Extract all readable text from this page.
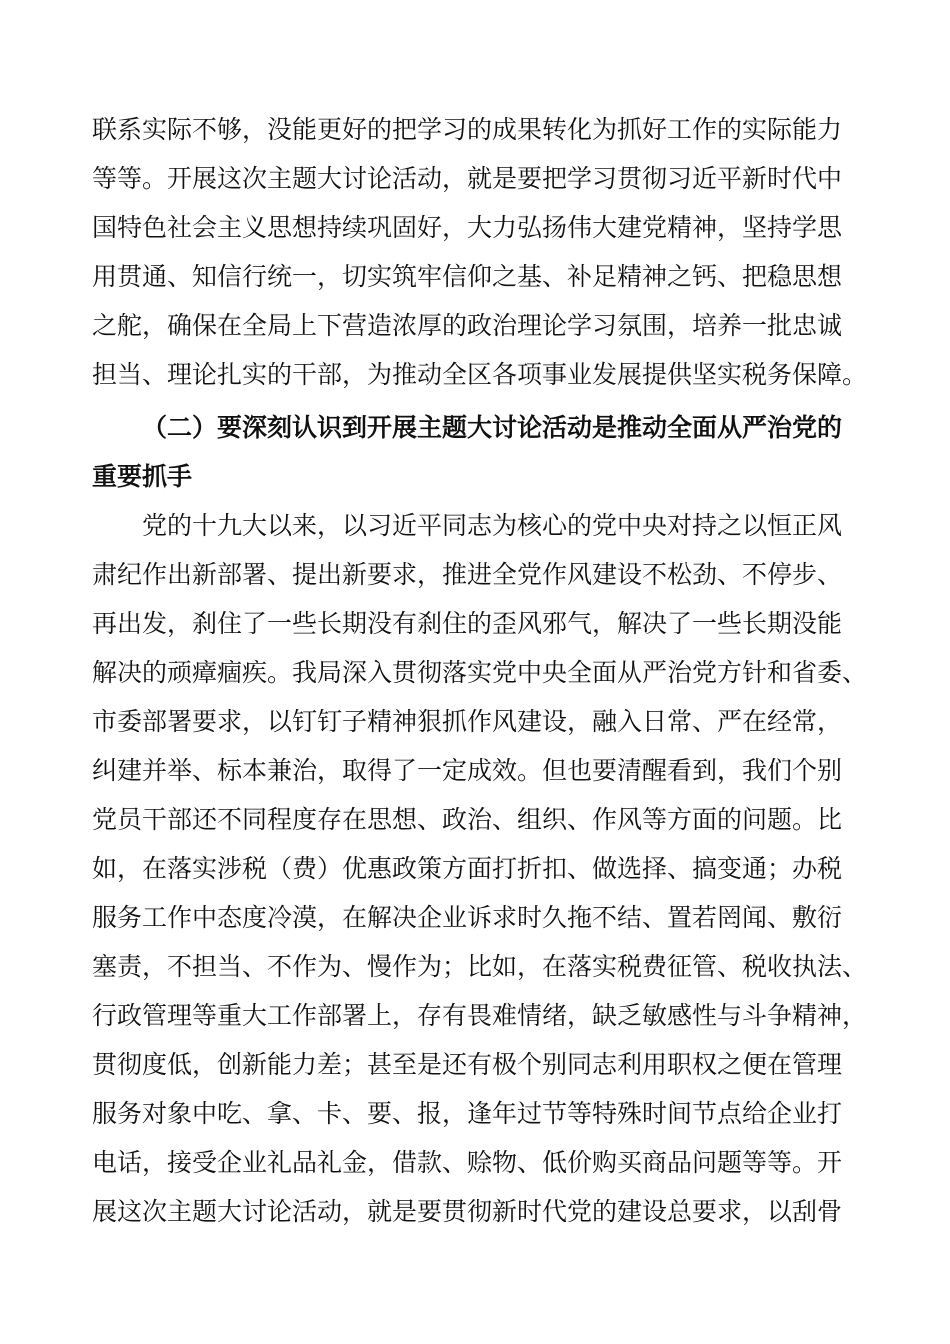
联系实际不够，没能更好的把学习的成果转化为抓好工作的实际能力
等等。开展这次主题大讨论活动，就是要把学习贯彻习近平新时代中
国特色社会主义思想持续巩固好，大力弘扬伟大建党精神，坚持学思
用贯通、知信行统一，切实筑牢信仰之基、补足精神之钙、把稳思想
之舵，确保在全局上下营造浓厚的政治理论学习氛围，培养一批忠诚
担当、理论扎实的干部，为推动全区各项事业发展提供坚实税务保障。
（二）要深刻认识到开展主题大讨论活动是推动全面从严治党的
重要抓手
党的十九大以来，以习近平同志为核心的党中央对持之以恒正风
肃纪作出新部署、提出新要求，推进全党作风建设不松劲、不停步、
再出发，刹住了一些长期没有刹住的歪风邪气，解决了一些长期没能
解决的顽瘴痼疾。我局深入贯彻落实党中央全面从严治党方针和省委、
市委部署要求，以钉钉子精神狠抓作风建设，融入日常、严在经常，
纠建并举、标本兼治，取得了一定成效。但也要清醒看到，我们个别
党员干部还不同程度存在思想、政治、组织、作风等方面的问题。比
如，在落实涉税（费）优惠政策方面打折扣、做选择、搞变通；办税
服务工作中态度冷漠，在解决企业诉求时久拖不结、置若罔闻、敷衍
塞责，不担当、不作为、慢作为；比如，在落实税费征管、税收执法、
行政管理等重大工作部署上，存有畏难情绪，缺乏敏感性与斗争精神，
贯彻度低，创新能力差；甚至是还有极个别同志利用职权之便在管理
服务对象中吃、拿、卡、要、报，逢年过节等特殊时间节点给企业打
电话，接受企业礼品礼金，借款、赊物、低价购买商品问题等等。开
展这次主题大讨论活动，就是要贯彻新时代党的建设总要求，以刮骨
